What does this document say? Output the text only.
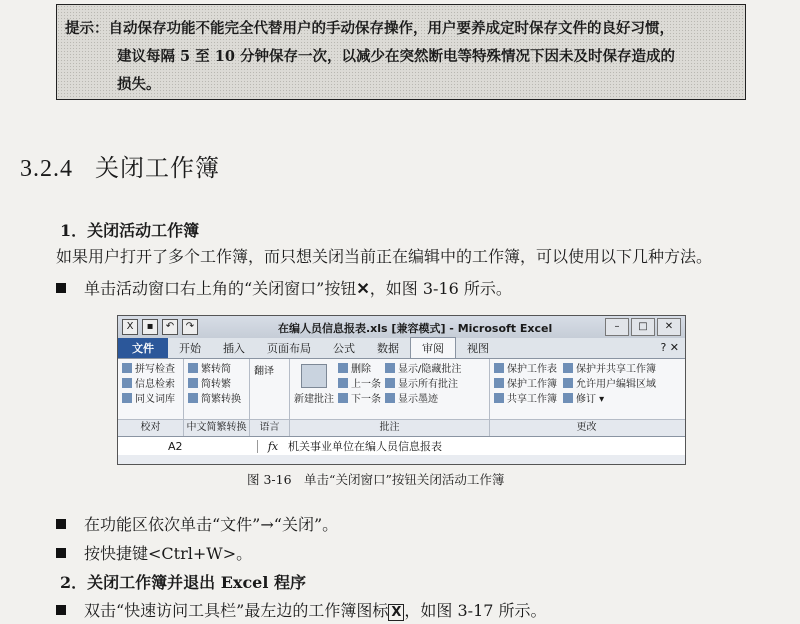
提示：自动保存功能不能完全代替用户的手动保存操作，用户要养成定时保存文件的良好习惯，
建议每隔 5 至 10 分钟保存一次，以减少在突然断电等特殊情况下因未及时保存造成的
损失。
3.2.4 关闭工作簿
1．关闭活动工作簿
如果用户打开了多个工作簿，而只想关闭当前正在编辑中的工作簿，可以使用以下几种方法。
单击活动窗口右上角的“关闭窗口”按钮✕，如图 3-16 所示。
X	▪	↶	↷	在编人员信息报表.xls [兼容模式] - Microsoft Excel	–	□	✕
文件	开始	插入	页面布局	公式	数据	审阅	视图	? ✕
拼写检查
信息检索
同义词库
繁转简
简转繁
简繁转换
翻译
新建批注
删除
上一条
下一条
显示/隐藏批注
显示所有批注
显示墨迹
保护工作表
保护工作簿
共享工作簿
保护并共享工作簿
允许用户编辑区域
修订 ▾
校对	中文简繁转换	语言	批注	更改
A2	fx 机关事业单位在编人员信息报表
图 3-16　单击“关闭窗口”按钮关闭活动工作簿
在功能区依次单击“文件”→“关闭”。
按快捷键<Ctrl+W>。
2．关闭工作簿并退出 Excel 程序
双击“快速访问工具栏”最左边的工作簿图标 X ，如图 3-17 所示。
